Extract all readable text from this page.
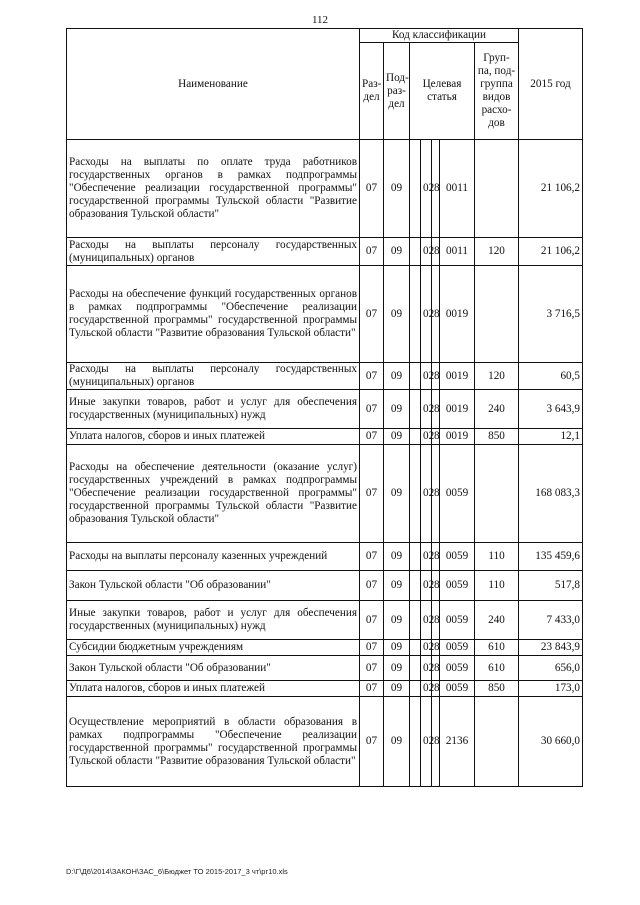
112
Наименование	Код классификации							2015 год
	Раз-дел	Под-раз-дел	Целевая статья				Груп-па, под-группа видов расхо-дов	
Расходы на выплаты по оплате труда работников государственных органов в рамках подпрограммы "Обеспечение реализации государственной программы" государственной программы Тульской области "Развитие образования Тульской области"	07	09		02	8	0011		21 106,2
Расходы на выплаты персоналу государственных (муниципальных) органов	07	09		02	8	0011	120	21 106,2
Расходы на обеспечение функций государственных органов в рамках подпрограммы "Обеспечение реализации государственной программы" государственной программы Тульской области "Развитие образования Тульской области"	07	09		02	8	0019		3 716,5
Расходы на выплаты персоналу государственных (муниципальных) органов	07	09		02	8	0019	120	60,5
Иные закупки товаров, работ и услуг для обеспечения государственных (муниципальных) нужд	07	09		02	8	0019	240	3 643,9
Уплата налогов, сборов и иных платежей	07	09		02	8	0019	850	12,1
Расходы на обеспечение деятельности (оказание услуг) государственных учреждений в рамках подпрограммы "Обеспечение реализации государственной программы" государственной программы Тульской области "Развитие образования Тульской области"	07	09		02	8	0059		168 083,3
Расходы на выплаты персоналу казенных учреждений	07	09		02	8	0059	110	135 459,6
Закон Тульской области "Об образовании"	07	09		02	8	0059	110	517,8
Иные закупки товаров, работ и услуг для обеспечения государственных (муниципальных) нужд	07	09		02	8	0059	240	7 433,0
Субсидии бюджетным учреждениям	07	09		02	8	0059	610	23 843,9
Закон Тульской области "Об образовании"	07	09		02	8	0059	610	656,0
Уплата налогов, сборов и иных платежей	07	09		02	8	0059	850	173,0
Осуществление мероприятий в области образования в рамках подпрограммы "Обеспечение реализации государственной программы" государственной программы Тульской области "Развитие образования Тульской области"	07	09		02	8	2136		30 660,0
D:\Г\Д6\2014\ЗАКОН\ЗАС_6\Бюджет ТО 2015-2017_3 чт\рг10.xls
